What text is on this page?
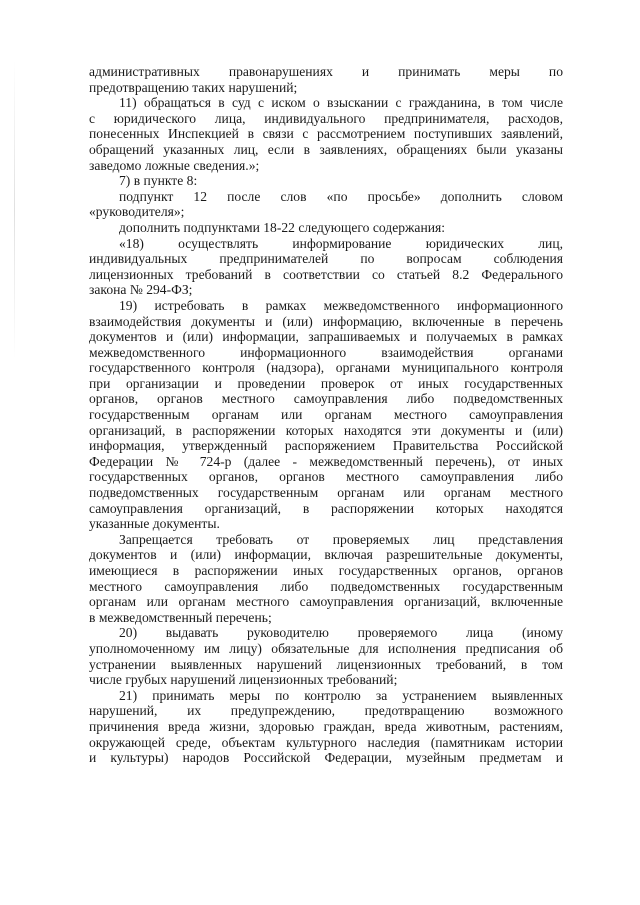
административных правонарушениях и принимать меры по

предотвращению таких нарушений;

11) обращаться в суд с иском о взыскании с гражданина, в том числе

с юридического лица, индивидуального предпринимателя, расходов,

понесенных Инспекцией в связи с рассмотрением поступивших заявлений,

обращений указанных лиц, если в заявлениях, обращениях были указаны

заведомо ложные сведения.»;

7) в пункте 8:

подпункт 12 после слов «по просьбе» дополнить словом

«руководителя»;

дополнить подпунктами 18-22 следующего содержания:

«18) осуществлять информирование юридических лиц,

индивидуальных предпринимателей по вопросам соблюдения

лицензионных требований в соответствии со статьей 8.2 Федерального

закона № 294-ФЗ;

19) истребовать в рамках межведомственного информационного

взаимодействия документы и (или) информацию, включенные в перечень

документов и (или) информации, запрашиваемых и получаемых в рамках

межведомственного информационного взаимодействия органами

государственного контроля (надзора), органами муниципального контроля

при организации и проведении проверок от иных государственных

органов, органов местного самоуправления либо подведомственных

государственным органам или органам местного самоуправления

организаций, в распоряжении которых находятся эти документы и (или)

информация, утвержденный распоряжением Правительства Российской

Федерации № 724-р (далее - межведомственный перечень), от иных

государственных органов, органов местного самоуправления либо

подведомственных государственным органам или органам местного

самоуправления организаций, в распоряжении которых находятся

указанные документы.

Запрещается требовать от проверяемых лиц представления

документов и (или) информации, включая разрешительные документы,

имеющиеся в распоряжении иных государственных органов, органов

местного самоуправления либо подведомственных государственным

органам или органам местного самоуправления организаций, включенные

в межведомственный перечень;

20) выдавать руководителю проверяемого лица (иному

уполномоченному им лицу) обязательные для исполнения предписания об

устранении выявленных нарушений лицензионных требований, в том

числе грубых нарушений лицензионных требований;

21) принимать меры по контролю за устранением выявленных

нарушений, их предупреждению, предотвращению возможного

причинения вреда жизни, здоровью граждан, вреда животным, растениям,

окружающей среде, объектам культурного наследия (памятникам истории

и культуры) народов Российской Федерации, музейным предметам и
